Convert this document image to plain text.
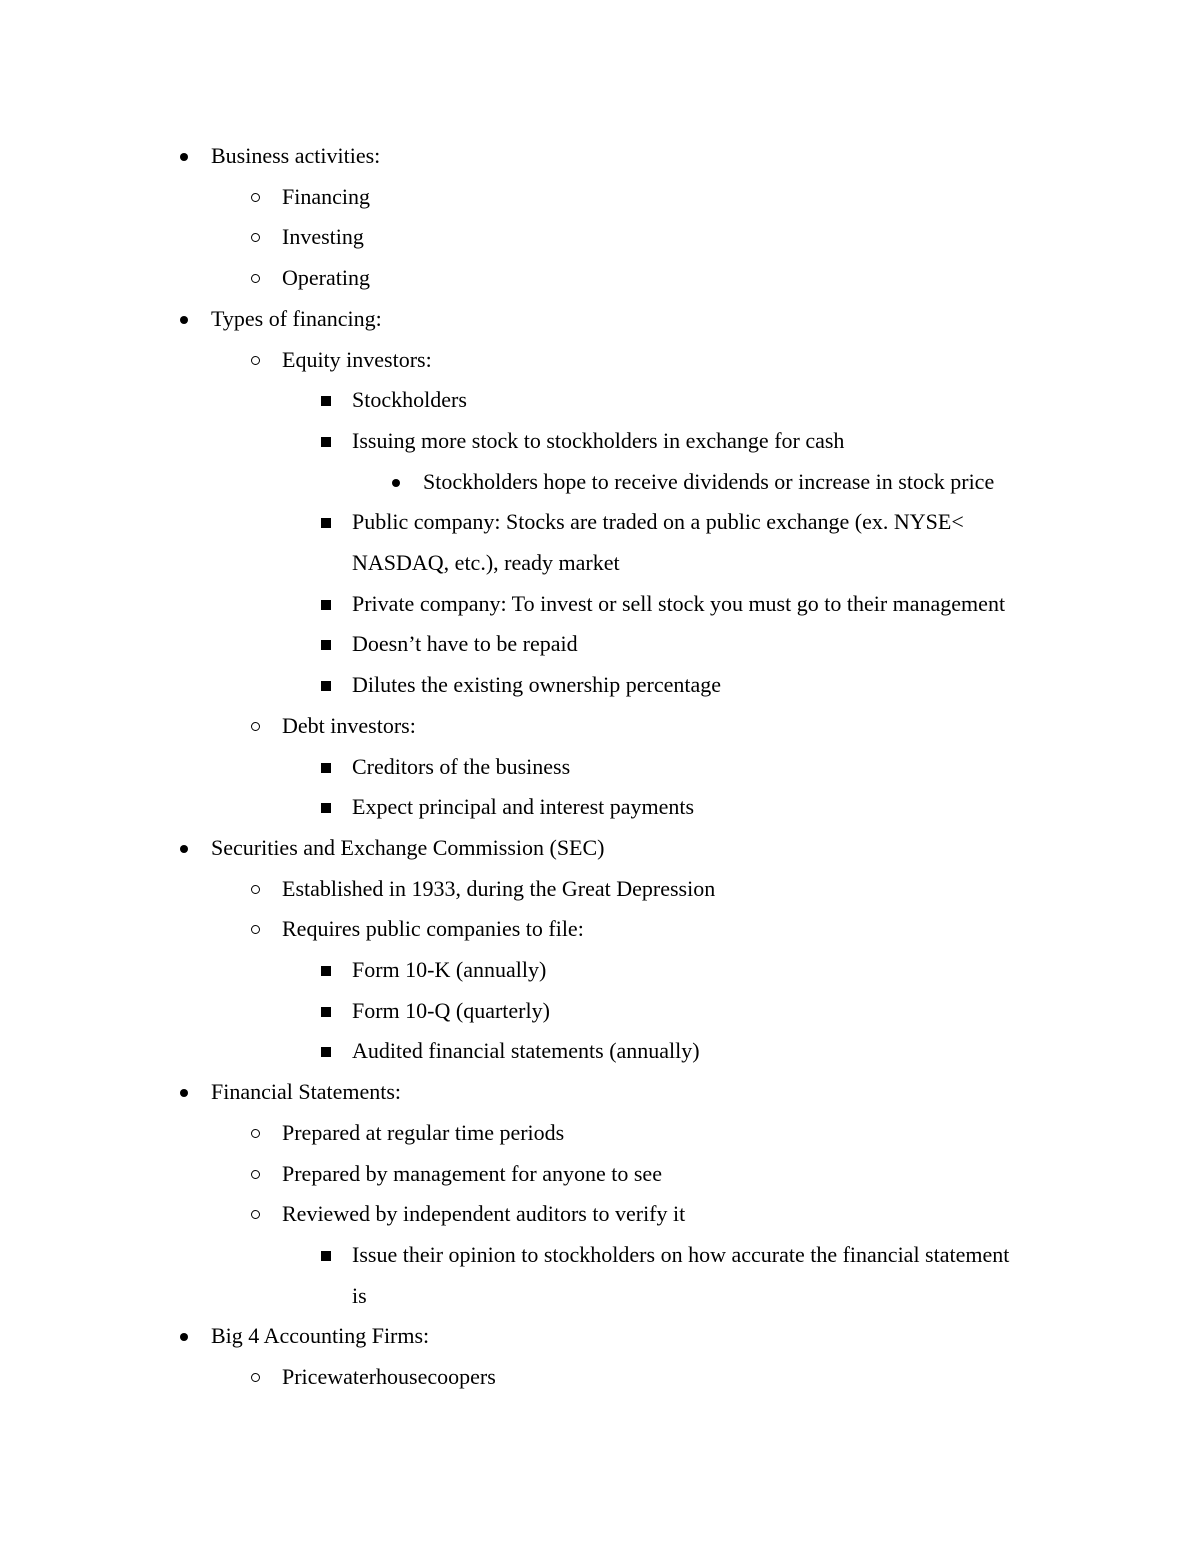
Business activities:
Financing
Investing
Operating
Types of financing:
Equity investors:
Stockholders
Issuing more stock to stockholders in exchange for cash
Stockholders hope to receive dividends or increase in stock price
Public company: Stocks are traded on a public exchange (ex. NYSE<
NASDAQ, etc.), ready market
Private company: To invest or sell stock you must go to their management
Doesn’t have to be repaid
Dilutes the existing ownership percentage
Debt investors:
Creditors of the business
Expect principal and interest payments
Securities and Exchange Commission (SEC)
Established in 1933, during the Great Depression
Requires public companies to file:
Form 10-K (annually)
Form 10-Q (quarterly)
Audited financial statements (annually)
Financial Statements:
Prepared at regular time periods
Prepared by management for anyone to see
Reviewed by independent auditors to verify it
Issue their opinion to stockholders on how accurate the financial statement
is
Big 4 Accounting Firms:
Pricewaterhousecoopers
